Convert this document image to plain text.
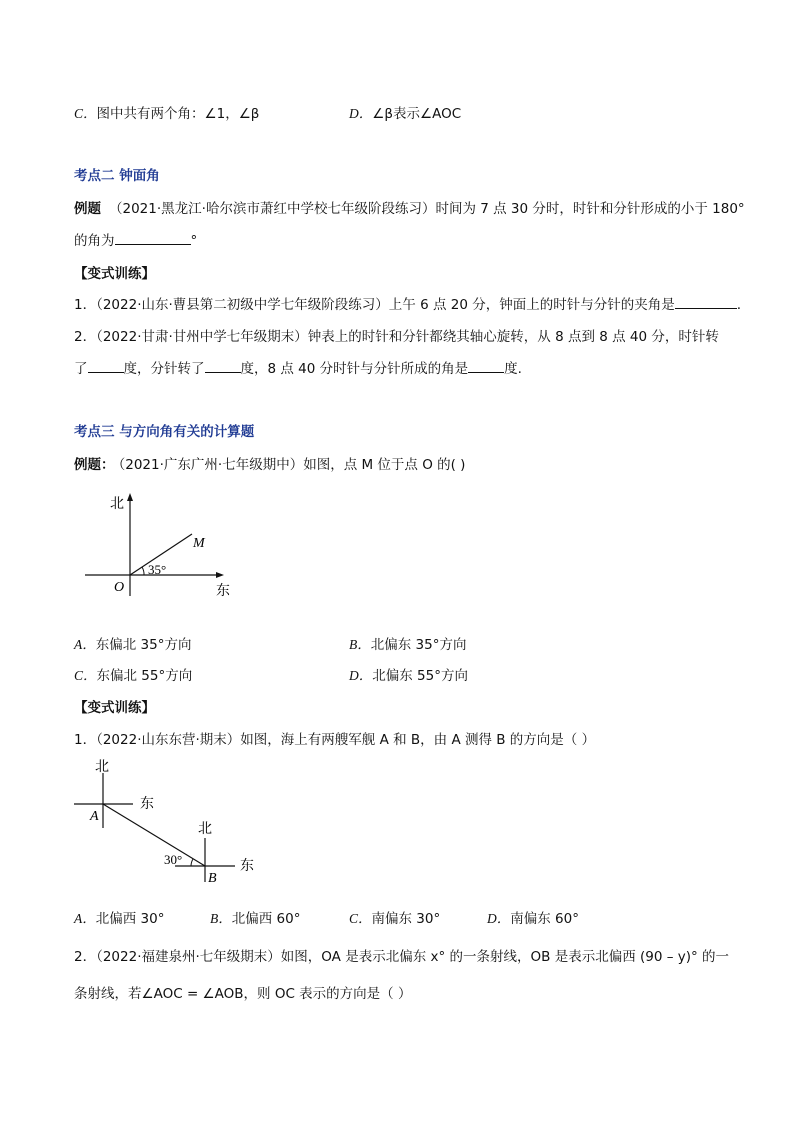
C．图中共有两个角：∠1，∠β	D．∠β表示∠AOC
考点二 钟面角
例题 （2021·黑龙江·哈尔滨市萧红中学校七年级阶段练习）时间为 7 点 30 分时，时针和分针形成的小于 180°
的角为	°
【变式训练】
1．（2022·山东·曹县第二初级中学七年级阶段练习）上午 6 点 20 分，钟面上的时针与分针的夹角是	.
2．（2022·甘肃·甘州中学七年级期末）钟表上的时针和分针都绕其轴心旋转，从 8 点到 8 点 40 分，时针转
了	度，分针转了	度，8 点 40 分时针与分针所成的角是	度.
考点三 与方向角有关的计算题
例题： （2021·广东广州·七年级期中）如图，点 M 位于点 O 的( )
北
东
M
O
35°
A．东偏北 35°方向	B．北偏东 35°方向
C．东偏北 55°方向	D．北偏东 55°方向
【变式训练】
1．（2022·山东东营·期末）如图，海上有两艘军舰 A 和 B，由 A 测得 B 的方向是（ ）
北
东
A
北
东
B
30°
A．北偏西 30°	B．北偏西 60°	C．南偏东 30°	D．南偏东 60°
2．（2022·福建泉州·七年级期末）如图，OA 是表示北偏东 x° 的一条射线，OB 是表示北偏西 (90 – y)° 的一
条射线，若∠AOC = ∠AOB，则 OC 表示的方向是（ ）
